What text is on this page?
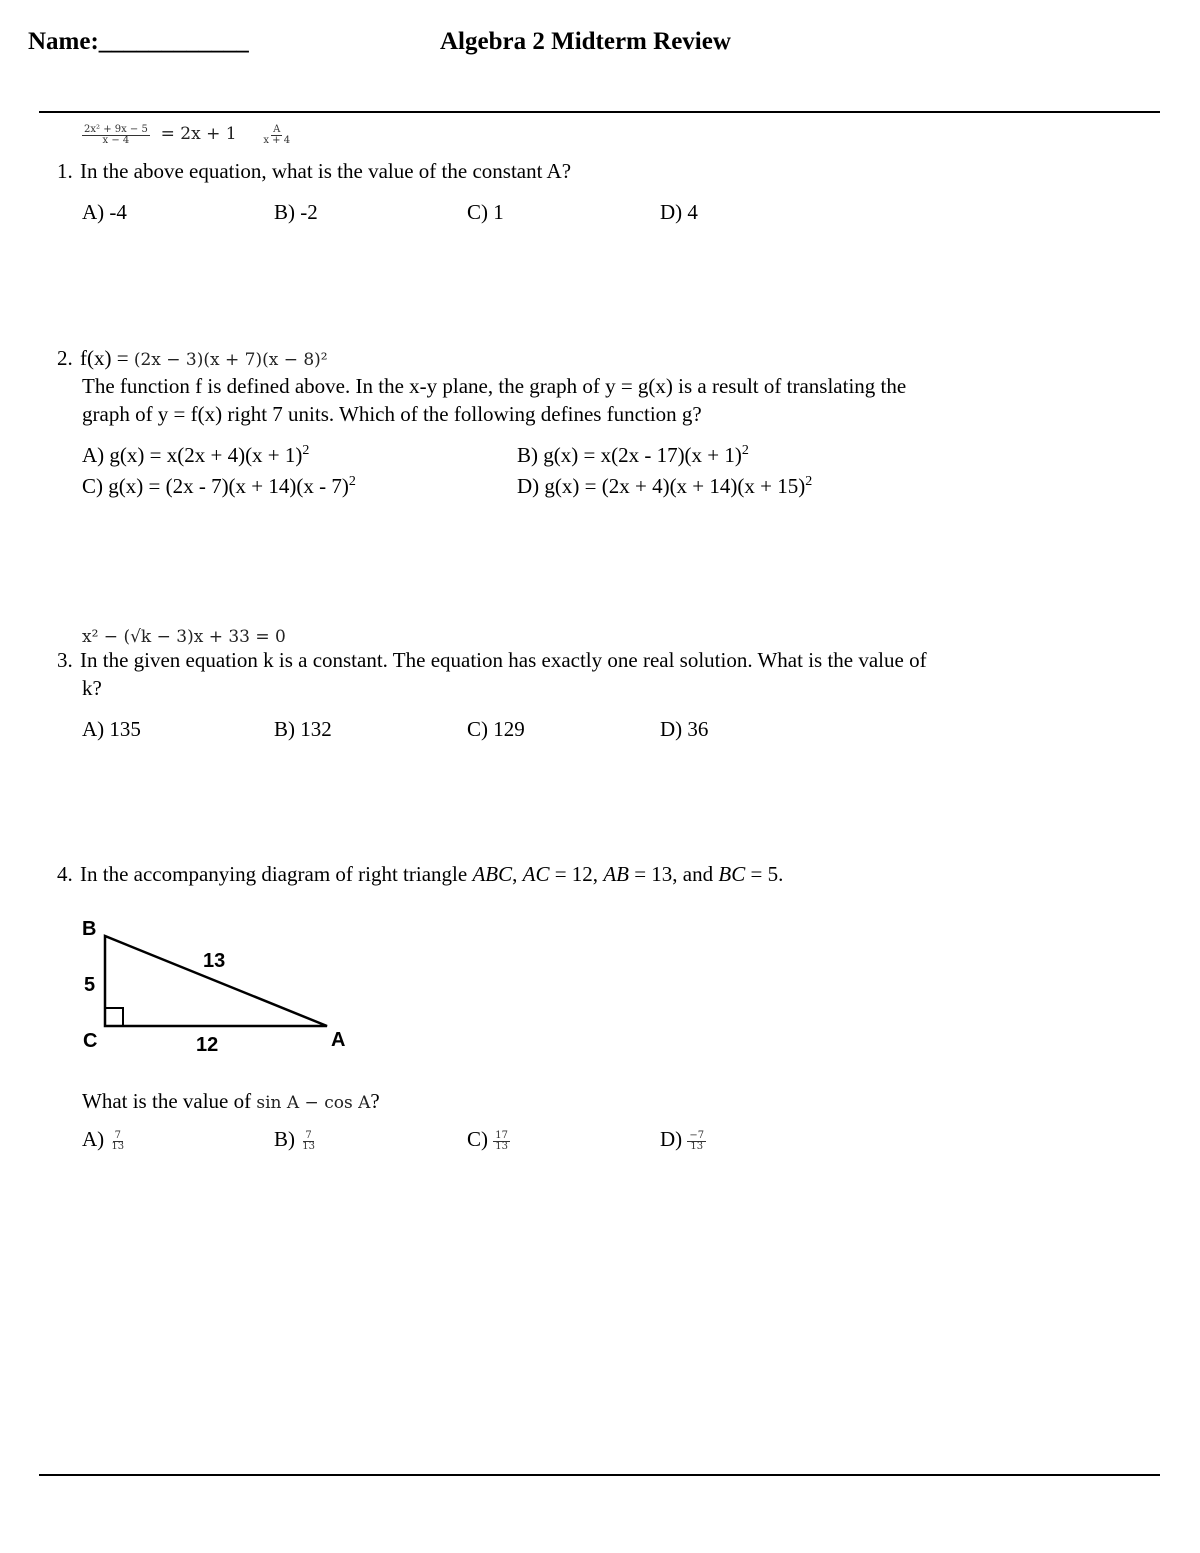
Name:____________	Algebra 2 Midterm Review
$\frac{\text{2x² + 9x − 5}}{x - 4} = 2x + 1 \frac{A}{x + 4}$
1. In the above equation, what is the value of the constant A?
A) -4	B) -2	C) 1	D) 4
2. f(x) = (2x − 3)(x + 7)(x − 8)²
The function f is defined above. In the x-y plane, the graph of y = g(x) is a result of translating the
graph of y = f(x) right 7 units. Which of the following defines function g?
A) $g(x) = x(2x + 4)(x + 1)^2$	B) $g(x) = x(2x - 17)(x + 1)^2$
C) g(x) = (2x - 7)(x + 14)(x - 7)$^2$	D) $g(x) = (2x + 4)(x + 14)(x + 15)^2$
x² − (√k − 3)x + 33 = 0
3. In the given equation k is a constant. The equation has exactly one real solution. What is the value of
k?
A) 135	B) 132	C) 129	D) 36
4. In the accompanying diagram of right triangle ABC, AC = 12, AB = 13, and BC = 5.
B
C	A
5
12
13
What is the value of sin A − cos A?
$A) \frac{7}{13}$	$B) \frac{7}{13}$	$C) \frac{17}{13}$	$D) \frac{-7}{13}$
